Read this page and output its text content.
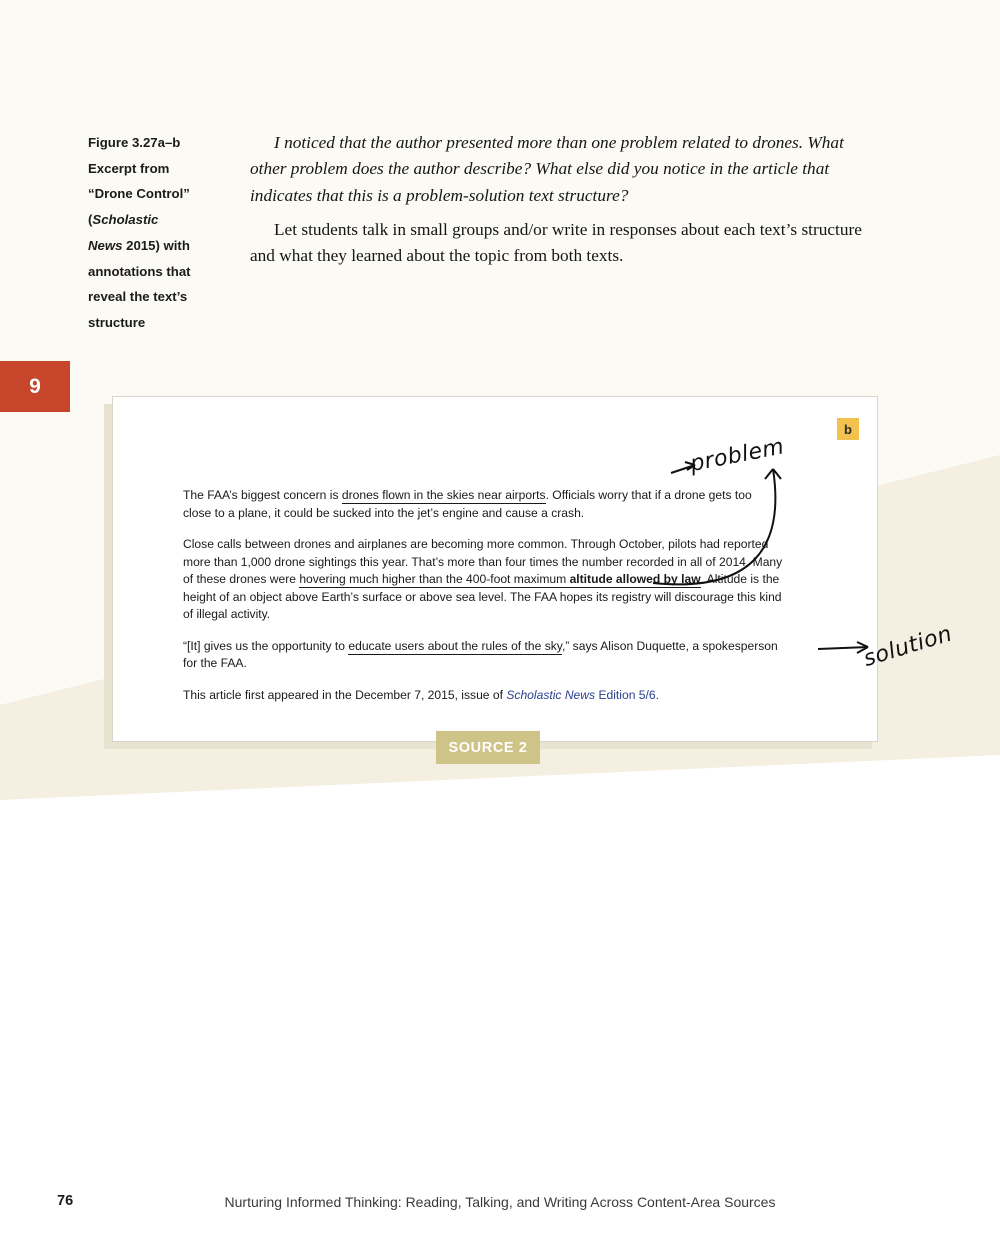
9
Figure 3.27a–b
Excerpt from
“Drone Control”
(Scholastic
News 2015) with
annotations that
reveal the text’s
structure

I noticed that the author presented more than one problem related to drones. What other problem does the author describe? What else did you notice in the article that indicates that this is a problem-solution text structure?

Let students talk in small groups and/or write in responses about each text’s structure and what they learned about the topic from both texts.

b

The FAA’s biggest concern is drones flown in the skies near airports. Officials worry that if a drone gets too close to a plane, it could be sucked into the jet’s engine and cause a crash.

Close calls between drones and airplanes are becoming more common. Through October, pilots had reported more than 1,000 drone sightings this year. That’s more than four times the number recorded in all of 2014. Many of these drones were hovering much higher than the 400-foot maximum altitude allowed by law. Altitude is the height of an object above Earth’s surface or above sea level. The FAA hopes its registry will discourage this kind of illegal activity.

“[It] gives us the opportunity to educate users about the rules of the sky,” says Alison Duquette, a spokesperson for the FAA.

This article first appeared in the December 7, 2015, issue of Scholastic News Edition 5/6.

problem
solution
SOURCE 2
76	Nurturing Informed Thinking: Reading, Talking, and Writing Across Content-Area Sources
